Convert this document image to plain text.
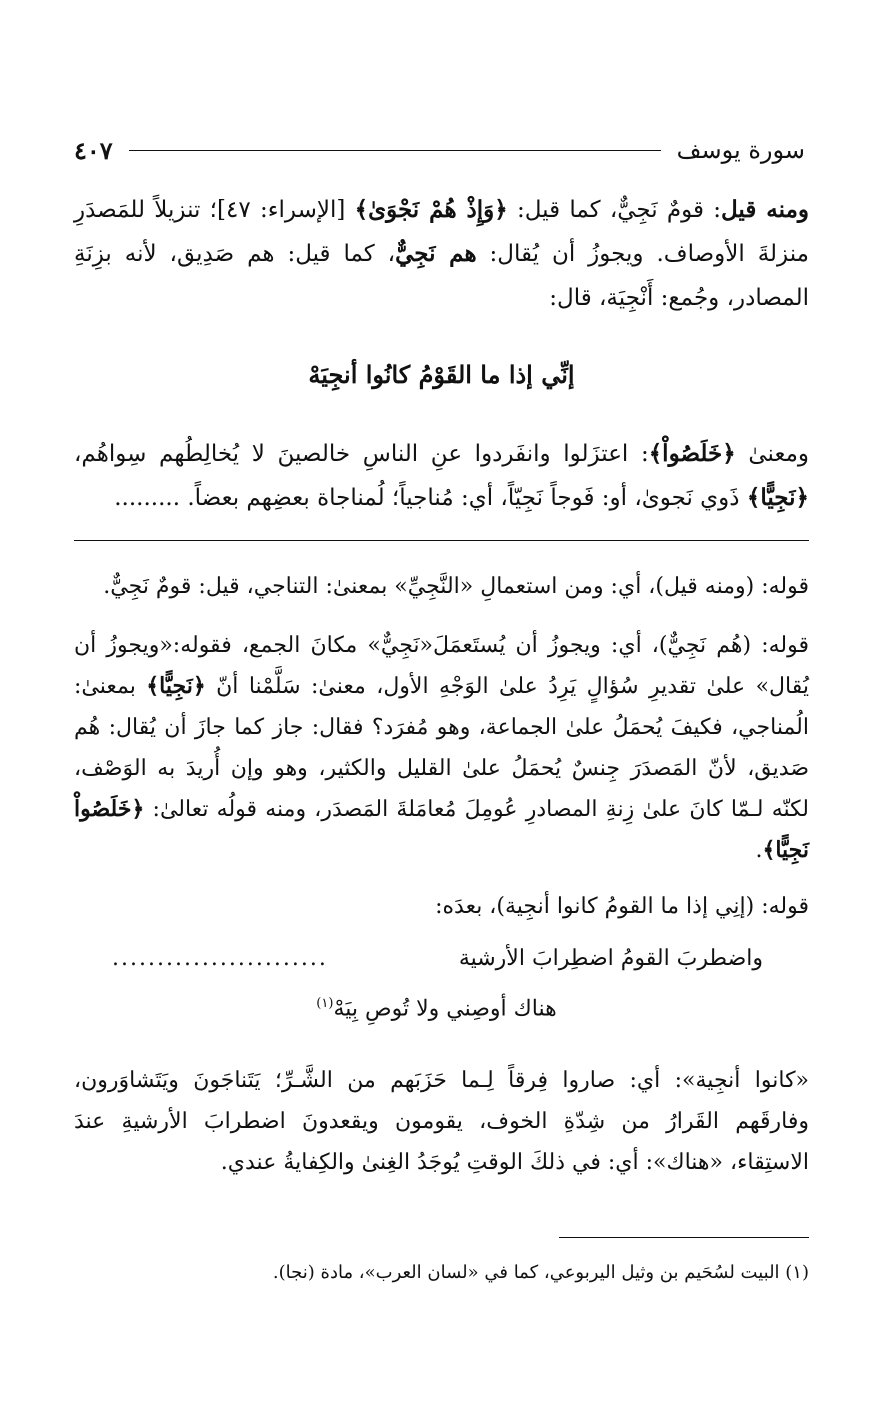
٤٠٧	سورة يوسف

ومنه قيل: قومٌ نَجِيٌّ، كما قيل: ﴿وَإِذْ هُمْ نَجْوَىٰ﴾ [الإسراء: ٤٧]؛ تنزيلاً للمَصدَرِ منزلةَ الأوصاف. ويجوزُ أن يُقال: هم نَجِيٌّ، كما قيل: هم صَدِيق، لأنه بزِنَةِ المصادر، وجُمع: أَنْجِيَة، قال:

إنِّي إذا ما القَوْمُ كانُوا أنجِيَهْ

ومعنىٰ ﴿خَلَصُواْ﴾: اعتزَلوا وانفَردوا عنِ الناسِ خالصينَ لا يُخالِطُهم سِواهُم، ﴿نَجِيًّا﴾ ذَوي نَجوىٰ، أو: فَوجاً نَجِيّاً، أي: مُناجياً؛ لُمناجاة بعضِهم بعضاً. .........

قوله: (ومنه قيل)، أي: ومن استعمالِ «النَّجِيِّ» بمعنىٰ: التناجي، قيل: قومٌ نَجِيٌّ.

قوله: (هُم نَجِيٌّ)، أي: ويجوزُ أن يُستَعمَلَ«نَجِيٌّ» مكانَ الجمع، فقوله:«ويجوزُ أن يُقال» علىٰ تقديرِ سُؤالٍ يَرِدُ علىٰ الوَجْهِ الأول، معنىٰ: سَلَّمْنا أنّ ﴿نَجِيًّا﴾ بمعنىٰ: الُمناجي، فكيفَ يُحمَلُ علىٰ الجماعة، وهو مُفرَد؟ فقال: جاز كما جازَ أن يُقال: هُم صَديق، لأنّ المَصدَرَ جِنسٌ يُحمَلُ علىٰ القليل والكثير، وهو وإن أُريدَ به الوَصْف، لكنّه لـمّا كانَ علىٰ زِنةِ المصادرِ عُومِلَ مُعامَلةَ المَصدَر، ومنه قولُه تعالىٰ: ﴿خَلَصُواْ نَجِيًّا﴾.

قوله: (إنِي إذا ما القومُ كانوا أنجِية)، بعدَه:

واضطربَ القومُ اضطِرابَ الأرشية
........................
هناك أوصِني ولا تُوصِ بِيَهْ$^{(١)}$

«كانوا أنجِية»: أي: صاروا فِرقاً لِـما حَزَبَهم من الشَّـرِّ؛ يَتَناجَونَ ويَتَشاوَرون، وفارقَهم القَرارُ من شِدّةِ الخوف، يقومون ويقعدونَ اضطرابَ الأرشيةِ عندَ الاستِقاء، «هناك»: أي: في ذلكَ الوقتِ يُوجَدُ الغِنىٰ والكِفايةُ عندي.

(١) البيت لسُحَيم بن وثيل اليربوعي، كما في «لسان العرب»، مادة (نجا).
